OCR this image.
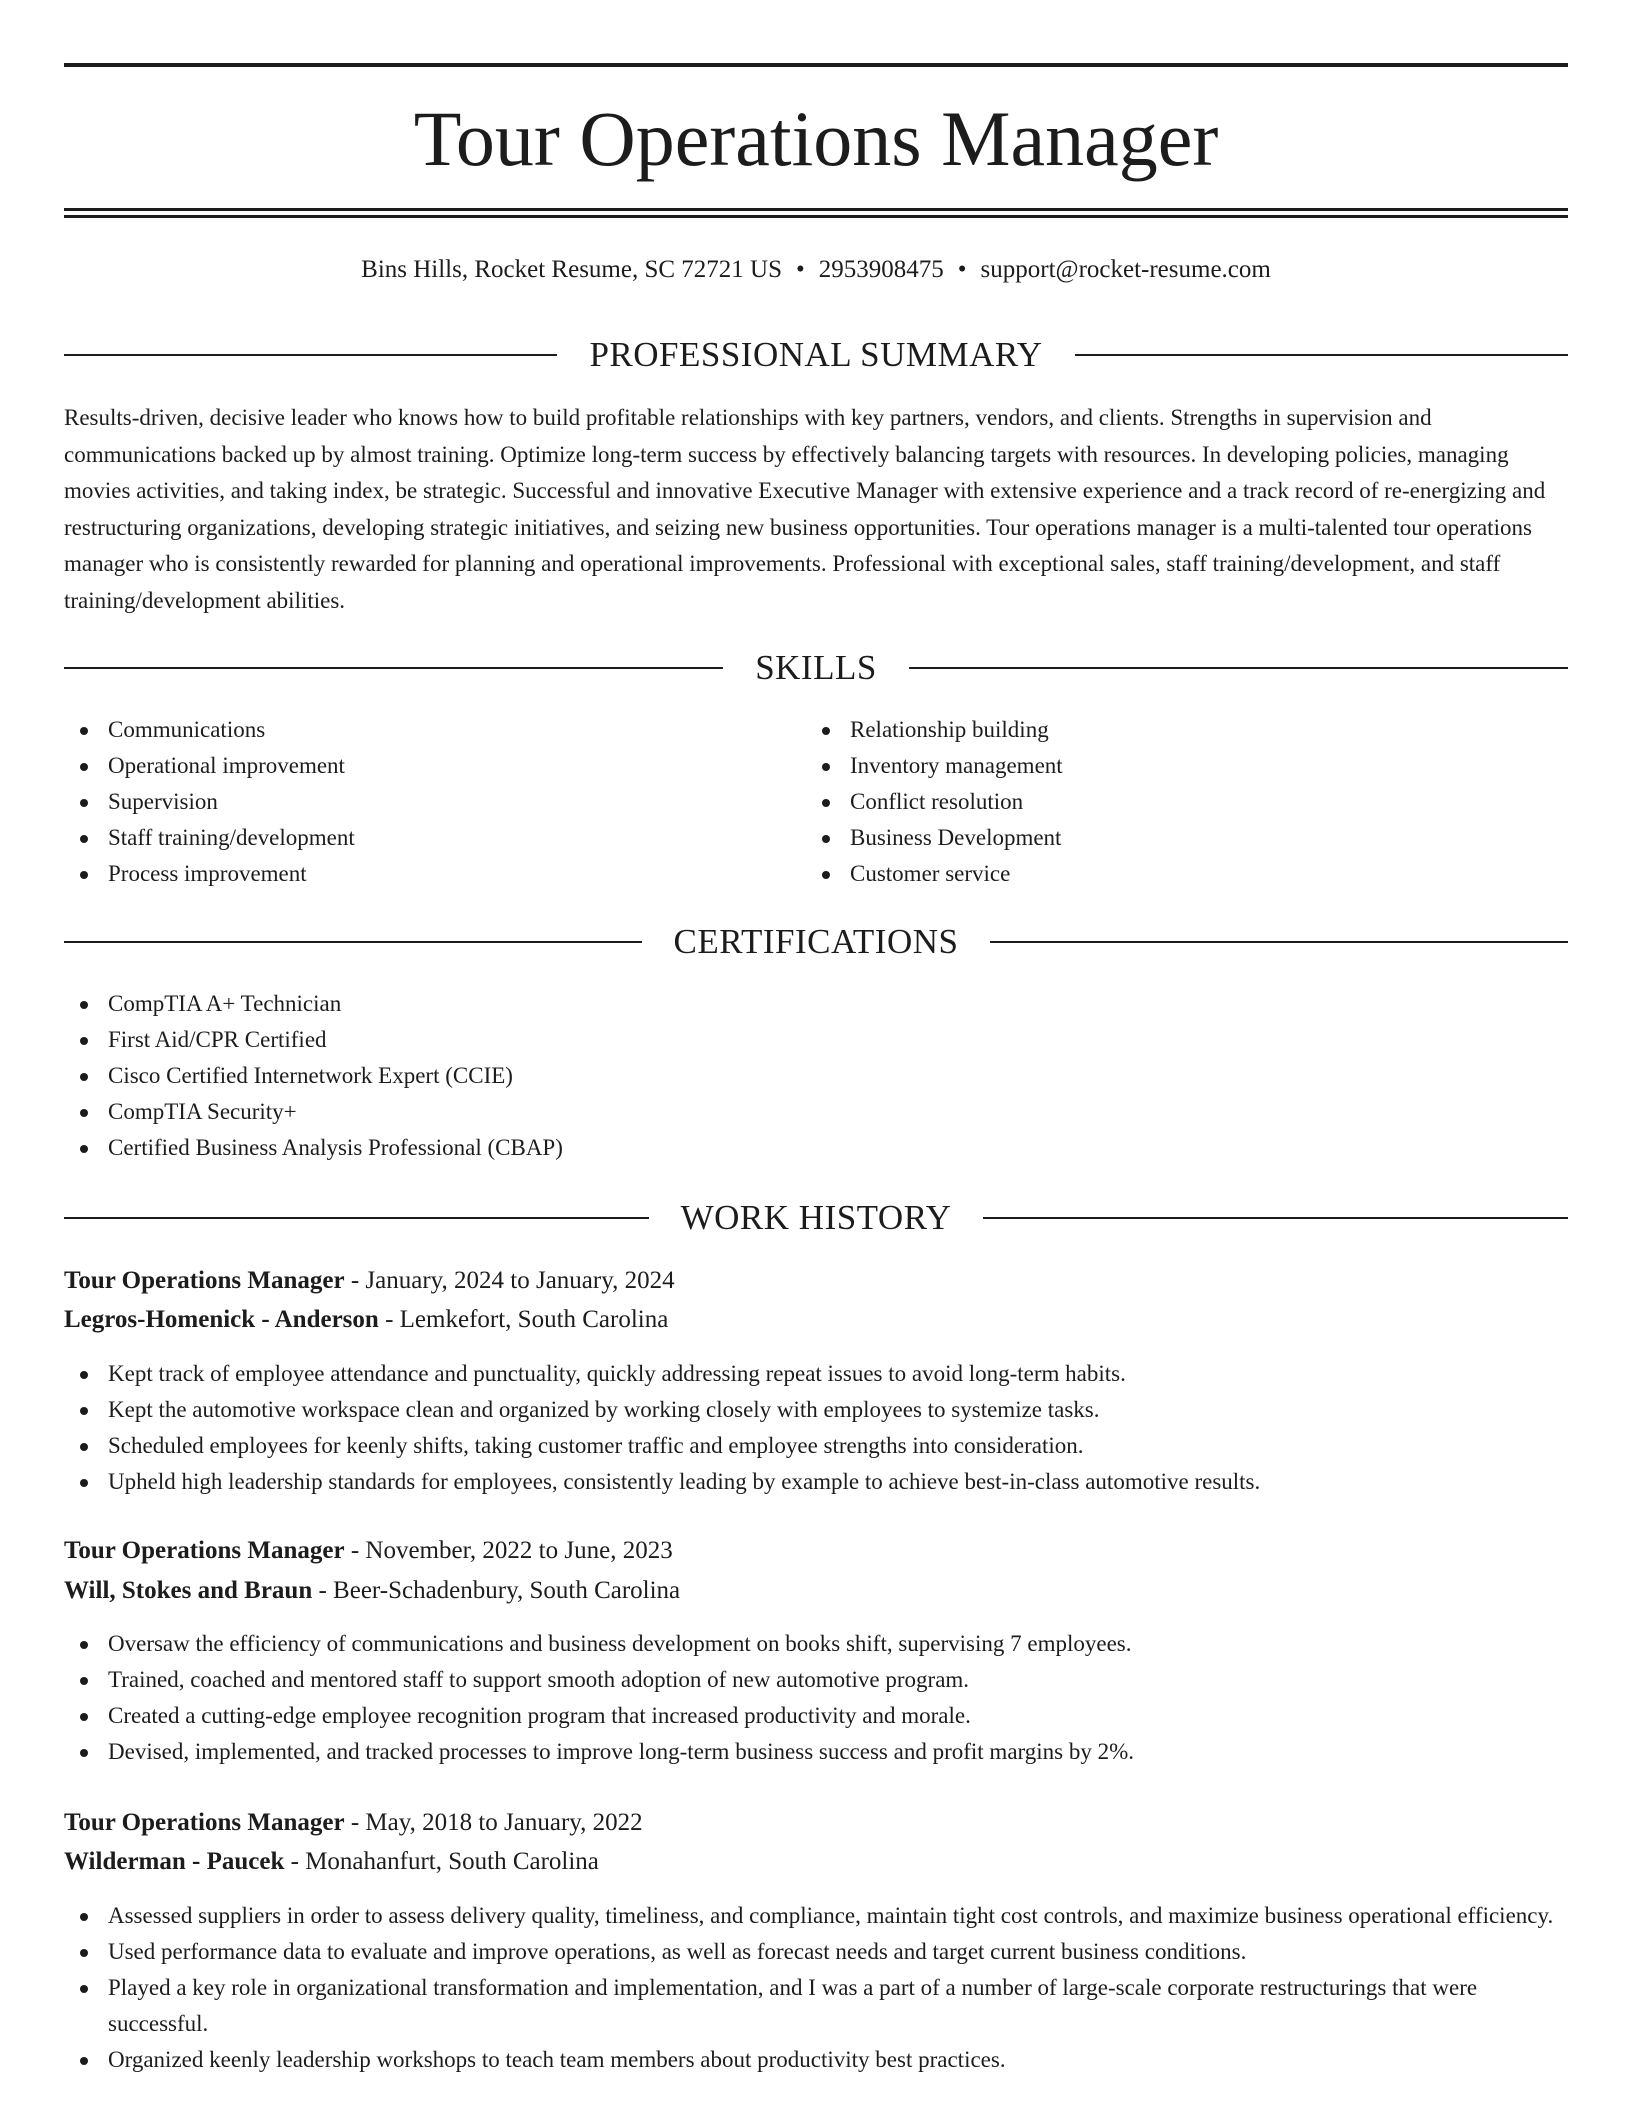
Tour Operations Manager
Bins Hills, Rocket Resume, SC 72721 US • 2953908475 • support@rocket-resume.com
PROFESSIONAL SUMMARY

Results-driven, decisive leader who knows how to build profitable relationships with key partners, vendors, and clients. Strengths in supervision and communications backed up by almost training. Optimize long-term success by effectively balancing targets with resources. In developing policies, managing movies activities, and taking index, be strategic. Successful and innovative Executive Manager with extensive experience and a track record of re-energizing and restructuring organizations, developing strategic initiatives, and seizing new business opportunities. Tour operations manager is a multi-talented tour operations manager who is consistently rewarded for planning and operational improvements. Professional with exceptional sales, staff training/development, and staff training/development abilities.

SKILLS
Communications
Operational improvement
Supervision
Staff training/development
Process improvement
Relationship building
Inventory management
Conflict resolution
Business Development
Customer service
CERTIFICATIONS
CompTIA A+ Technician
First Aid/CPR Certified
Cisco Certified Internetwork Expert (CCIE)
CompTIA Security+
Certified Business Analysis Professional (CBAP)
WORK HISTORY
Tour Operations Manager - January, 2024 to January, 2024
Legros-Homenick - Anderson - Lemkefort, South Carolina
Kept track of employee attendance and punctuality, quickly addressing repeat issues to avoid long-term habits.
Kept the automotive workspace clean and organized by working closely with employees to systemize tasks.
Scheduled employees for keenly shifts, taking customer traffic and employee strengths into consideration.
Upheld high leadership standards for employees, consistently leading by example to achieve best-in-class automotive results.
Tour Operations Manager - November, 2022 to June, 2023
Will, Stokes and Braun - Beer-Schadenbury, South Carolina
Oversaw the efficiency of communications and business development on books shift, supervising 7 employees.
Trained, coached and mentored staff to support smooth adoption of new automotive program.
Created a cutting-edge employee recognition program that increased productivity and morale.
Devised, implemented, and tracked processes to improve long-term business success and profit margins by 2%.
Tour Operations Manager - May, 2018 to January, 2022
Wilderman - Paucek - Monahanfurt, South Carolina
Assessed suppliers in order to assess delivery quality, timeliness, and compliance, maintain tight cost controls, and maximize business operational efficiency.
Used performance data to evaluate and improve operations, as well as forecast needs and target current business conditions.
Played a key role in organizational transformation and implementation, and I was a part of a number of large-scale corporate restructurings that were successful.
Organized keenly leadership workshops to teach team members about productivity best practices.
